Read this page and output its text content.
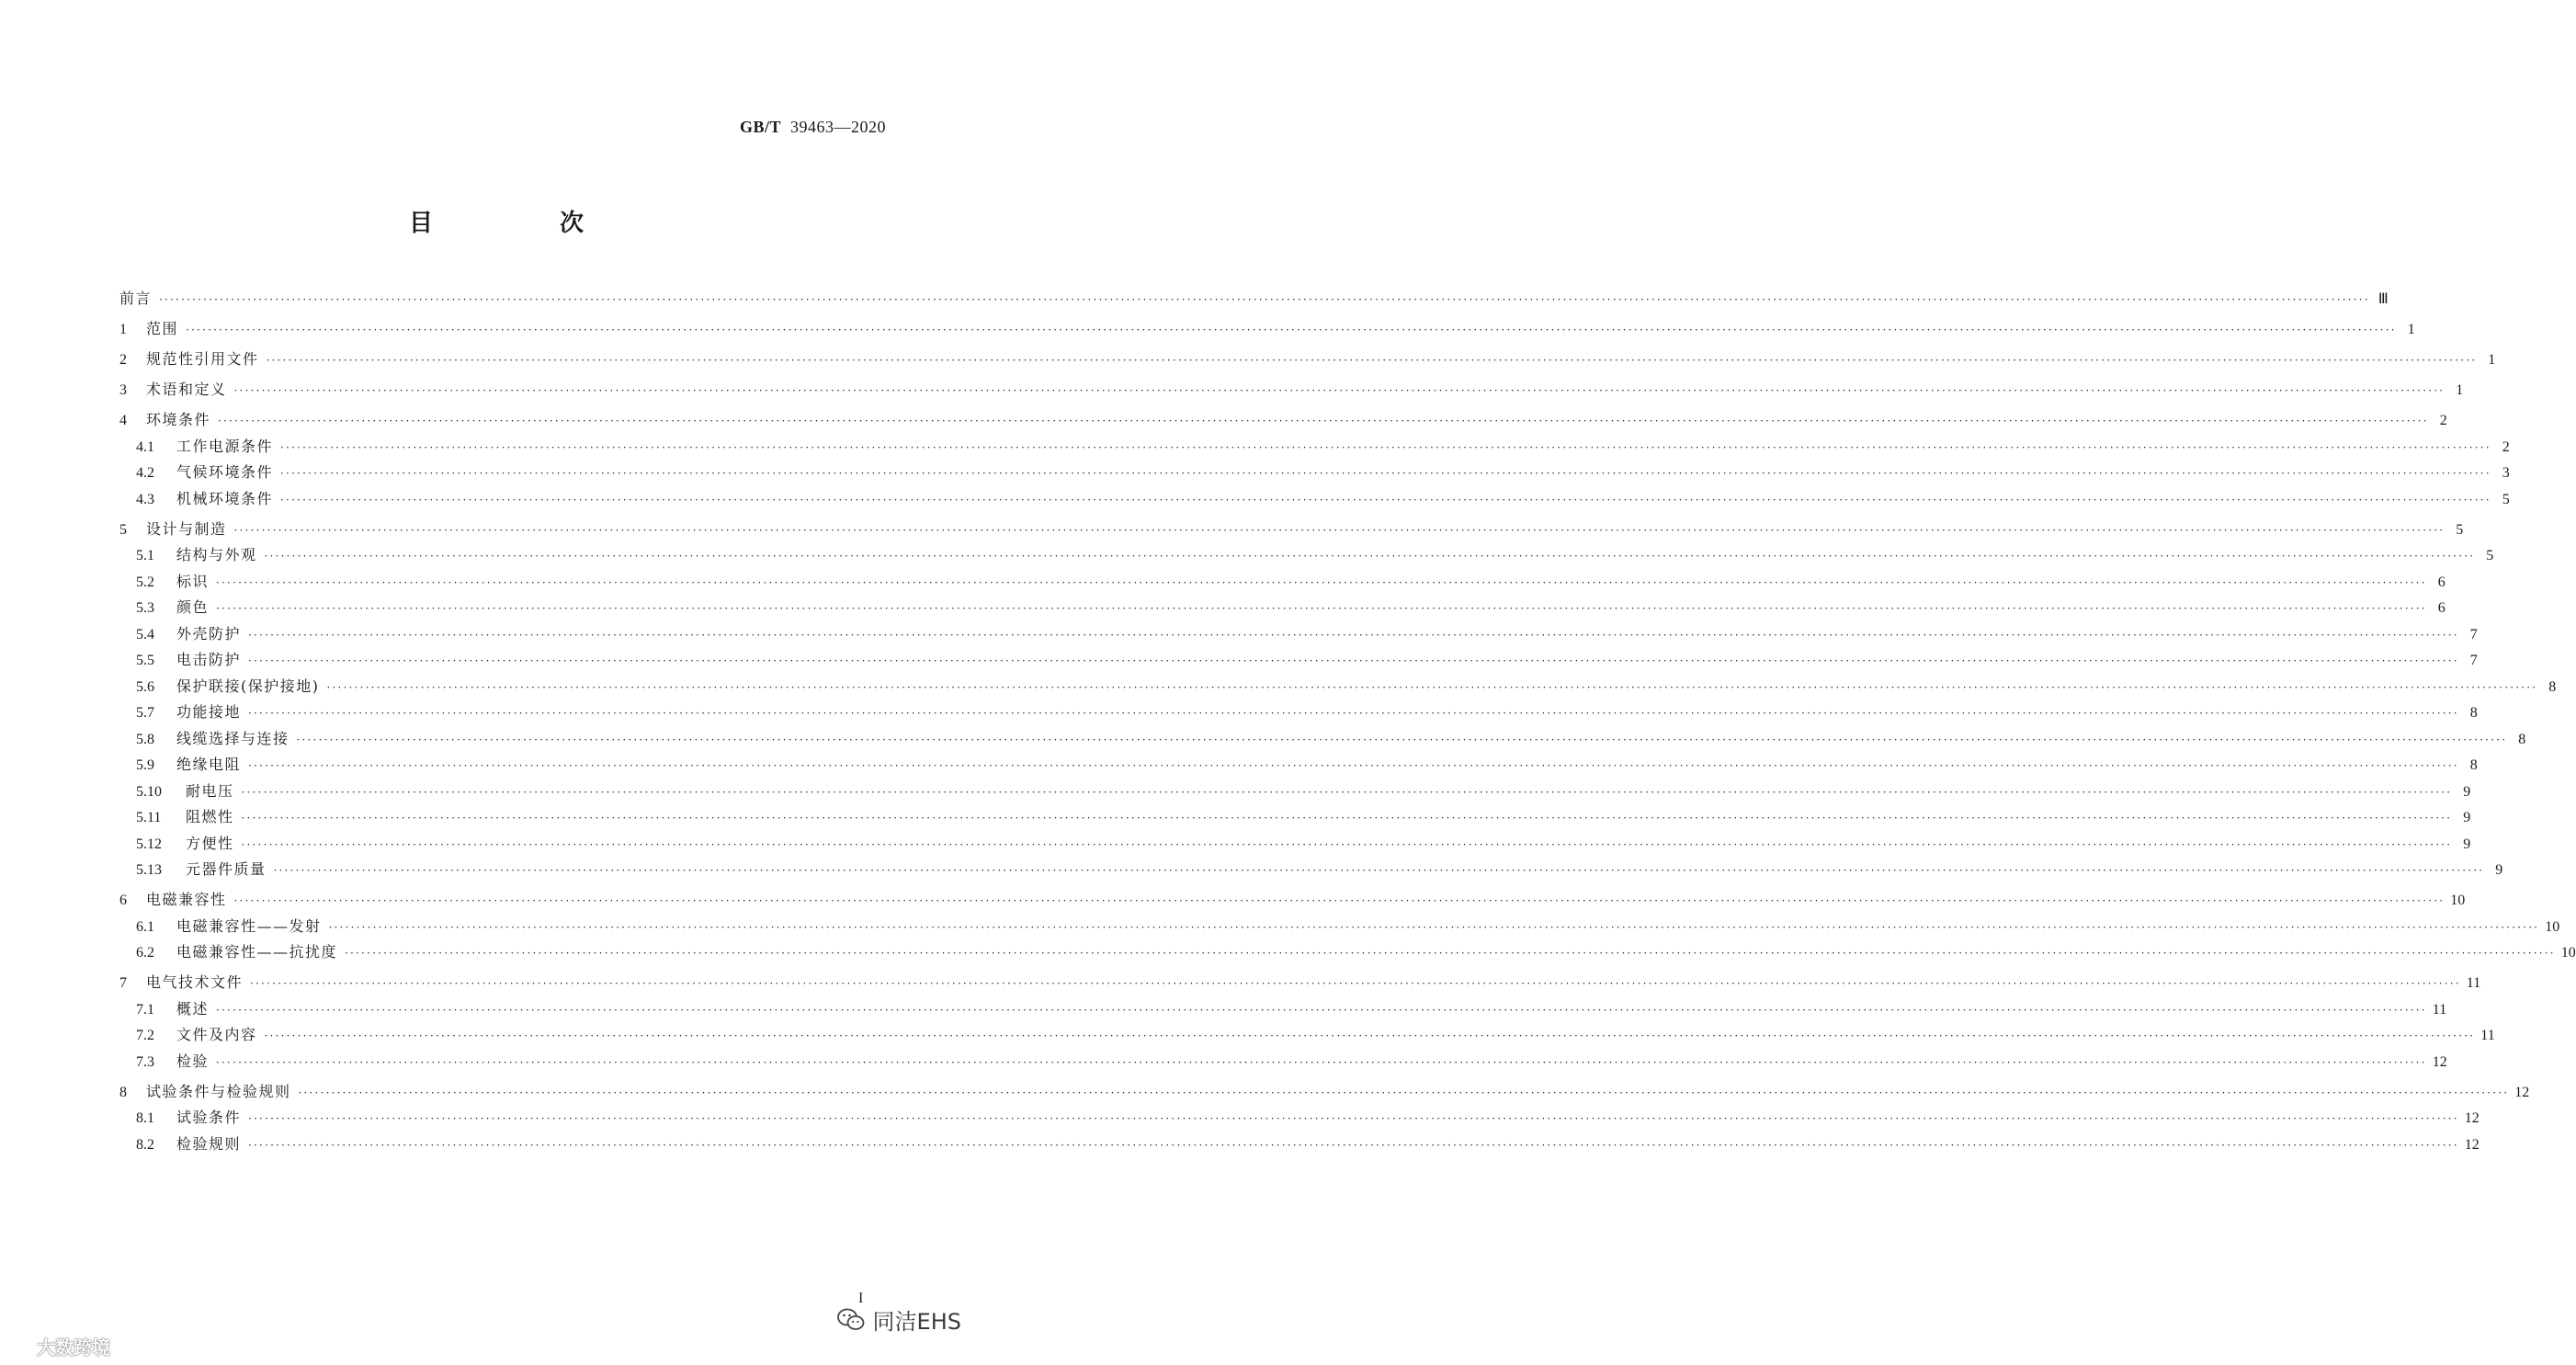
GB/T 39463—2020
目　次
前言 ················································································································································································································································································································································································································ Ⅲ
1	范围 ················································································································································································································································································································································································································ 1
2	规范性引用文件 ················································································································································································································································································································································································································ 1
3	术语和定义 ················································································································································································································································································································································································································ 1
4	环境条件 ················································································································································································································································································································································································································ 2
4.1	工作电源条件 ················································································································································································································································································································································································································ 2
4.2	气候环境条件 ················································································································································································································································································································································································································ 3
4.3	机械环境条件 ················································································································································································································································································································································································································ 5
5	设计与制造 ················································································································································································································································································································································································································ 5
5.1	结构与外观 ················································································································································································································································································································································································································ 5
5.2	标识 ················································································································································································································································································································································································································ 6
5.3	颜色 ················································································································································································································································································································································································································ 6
5.4	外壳防护 ················································································································································································································································································································································································································ 7
5.5	电击防护 ················································································································································································································································································································································································································ 7
5.6	保护联接(保护接地) ················································································································································································································································································································································································································ 8
5.7	功能接地 ················································································································································································································································································································································································································ 8
5.8	线缆选择与连接 ················································································································································································································································································································································································································ 8
5.9	绝缘电阻 ················································································································································································································································································································································································································ 8
5.10	耐电压 ················································································································································································································································································································································································································ 9
5.11	阻燃性 ················································································································································································································································································································································································································ 9
5.12	方便性 ················································································································································································································································································································································································································ 9
5.13	元器件质量 ················································································································································································································································································································································································································ 9
6	电磁兼容性 ················································································································································································································································································································································································································ 10
6.1	电磁兼容性——发射 ················································································································································································································································································································································································································ 10
6.2	电磁兼容性——抗扰度 ················································································································································································································································································································································································································ 10
7	电气技术文件 ················································································································································································································································································································································································································ 11
7.1	概述 ················································································································································································································································································································································································································ 11
7.2	文件及内容 ················································································································································································································································································································································································································ 11
7.3	检验 ················································································································································································································································································································································································································ 12
8	试验条件与检验规则 ················································································································································································································································································································································································································ 12
8.1	试验条件 ················································································································································································································································································································································································································ 12
8.2	检验规则 ················································································································································································································································································································································································································ 12
I
大数跨境
同洁EHS
